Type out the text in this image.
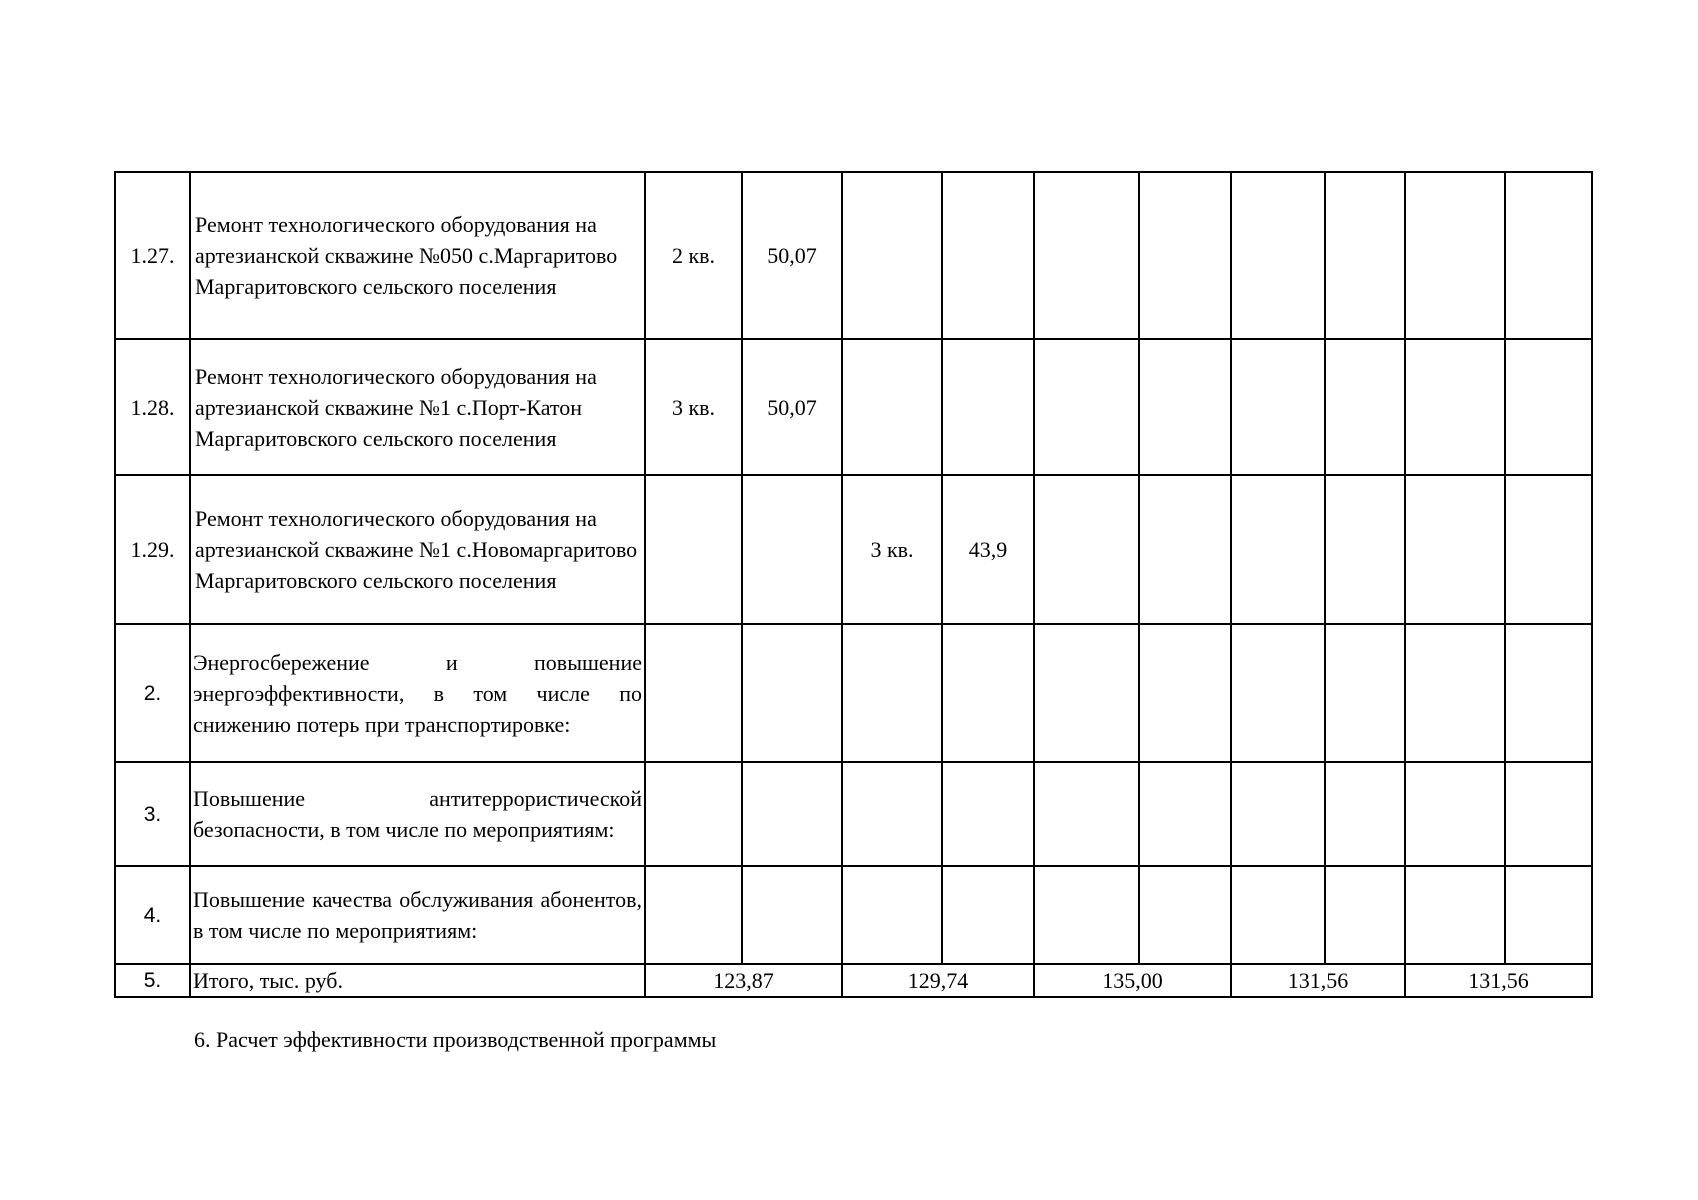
1.27.	Ремонт технологического оборудования на артезианской скважине №050 с.Маргаритово Маргаритовского сельского поселения	2 кв.	50,07								
1.28.	Ремонт технологического оборудования на артезианской скважине №1 с.Порт-Катон Маргаритовского сельского поселения	3 кв.	50,07								
1.29.	Ремонт технологического оборудования на артезианской скважине №1 с.Новомаргаритово Маргаритовского сельского поселения			3 кв.	43,9						
2.	Энергосбережение и повышение энергоэффективности, в том числе по снижению потерь при транспортировке:										
3.	Повышение антитеррористической безопасности, в том числе по мероприятиям:										
4.	Повышение качества обслуживания абонентов, в том числе по мероприятиям:										
5.	Итого, тыс. руб.	123,87		129,74		135,00		131,56		131,56	

6. Расчет эффективности производственной программы
